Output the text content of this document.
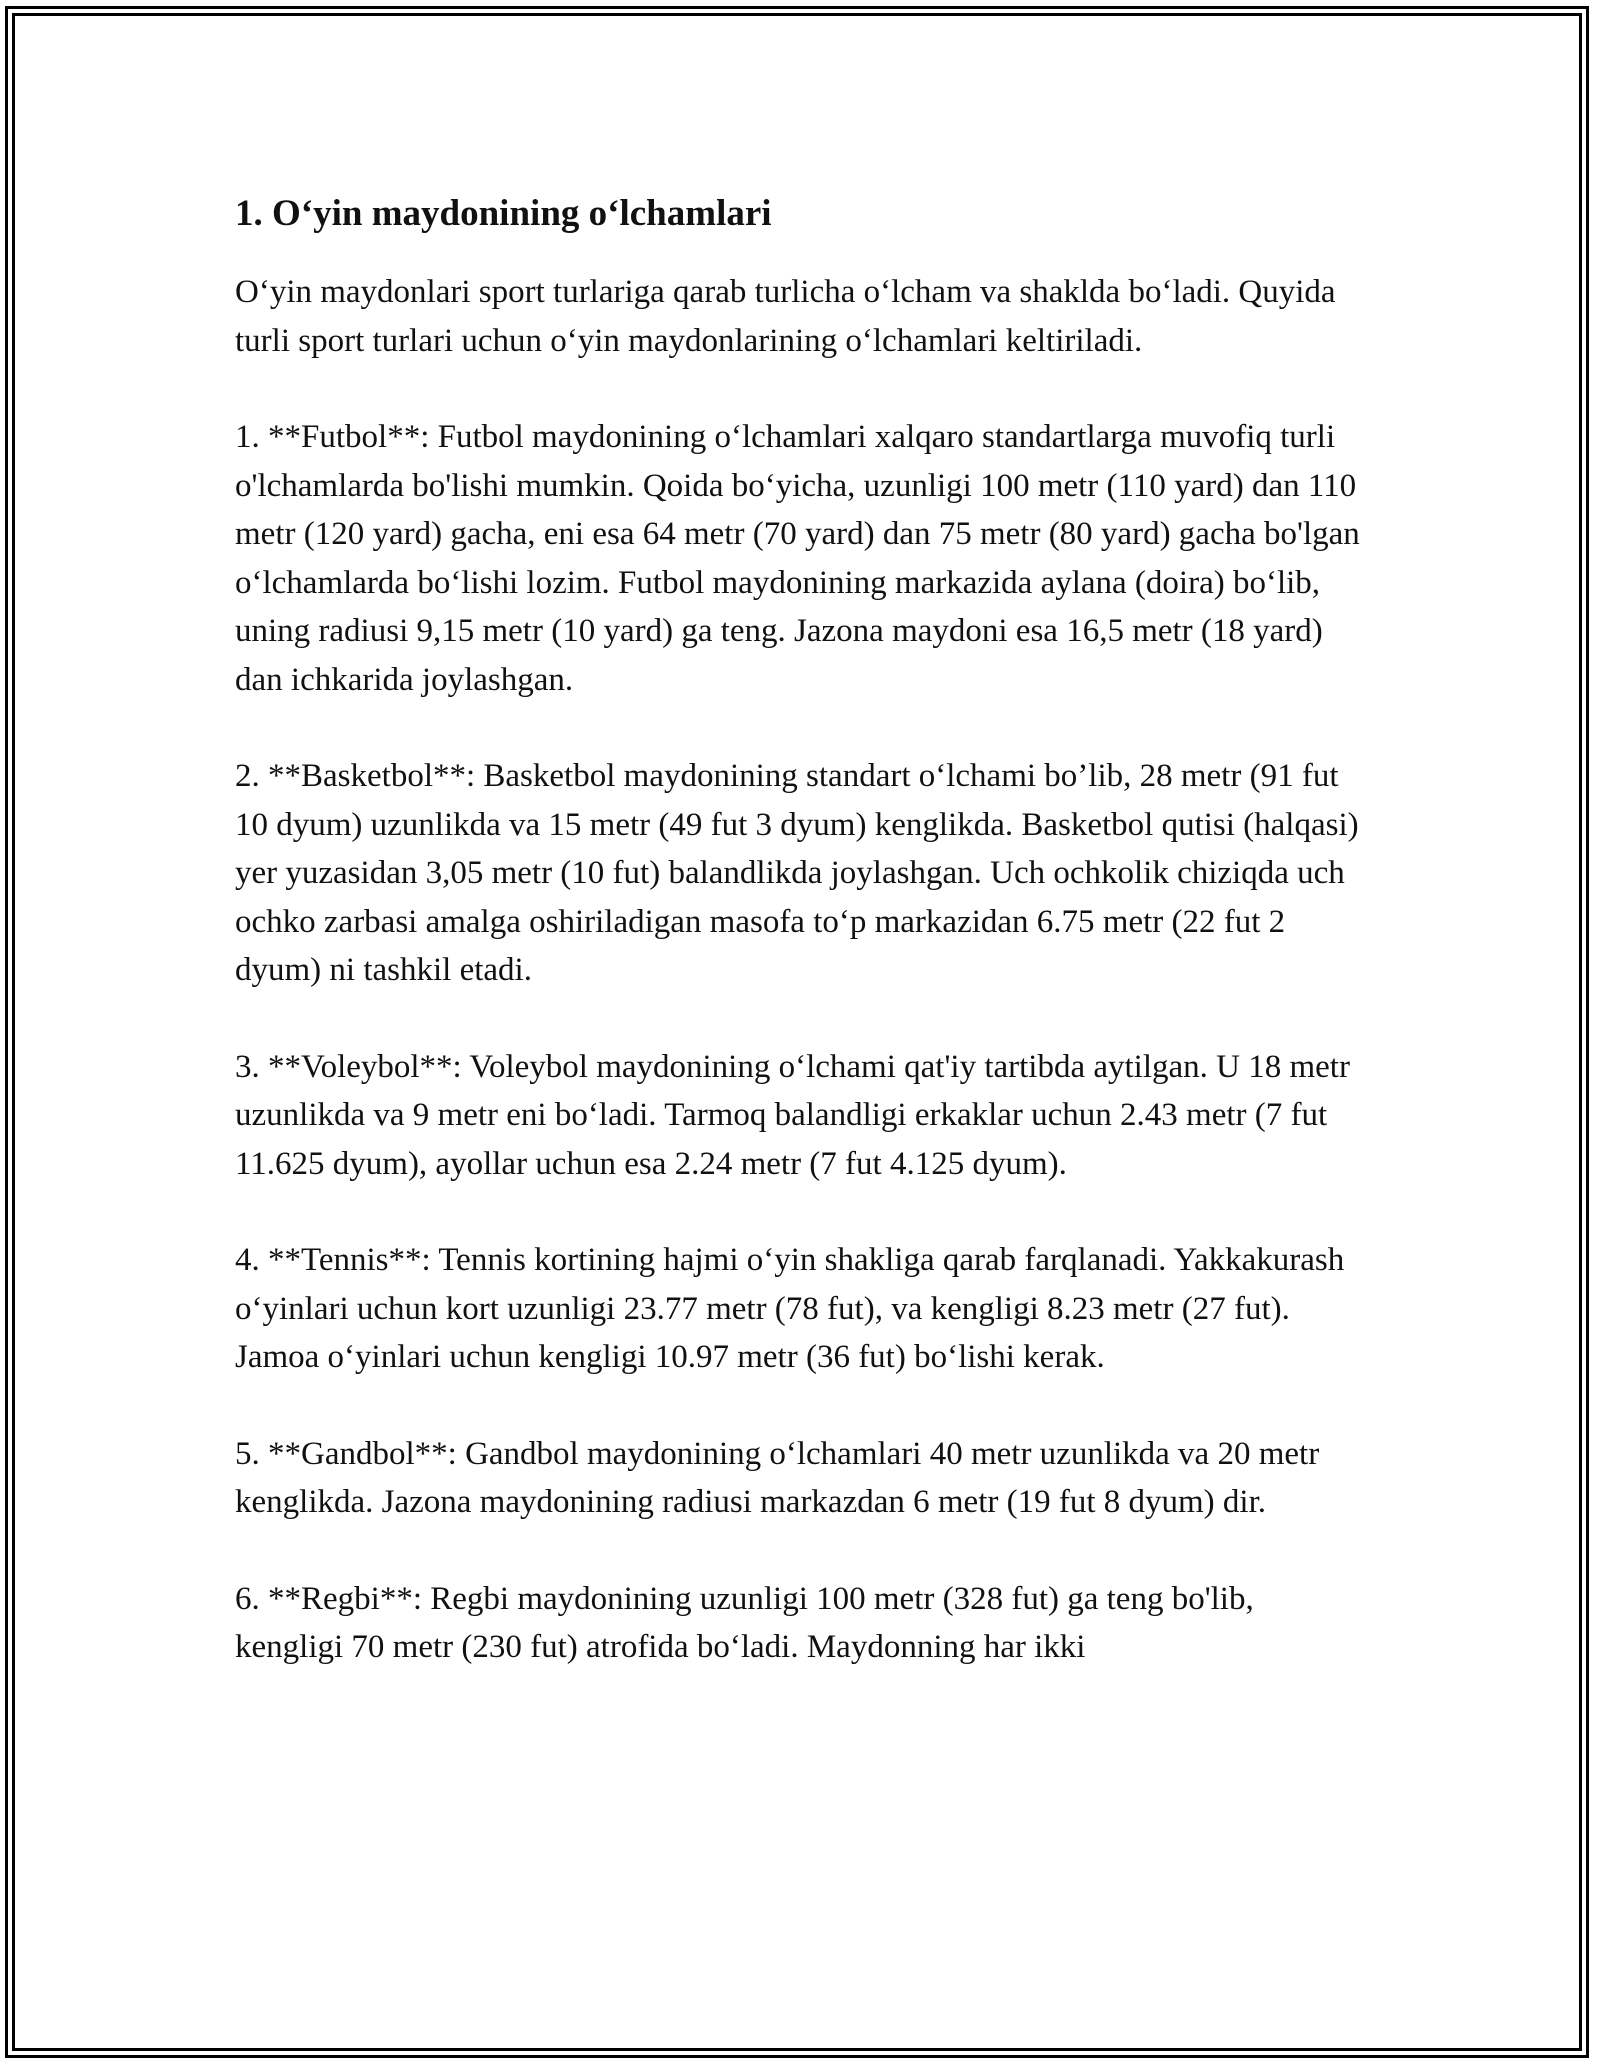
1. O‘yin maydonining o‘lchamlari

O‘yin maydonlari sport turlariga qarab turlicha o‘lcham va shaklda bo‘ladi. Quyida turli sport turlari uchun o‘yin maydonlarining o‘lchamlari keltiriladi.

1. **Futbol**: Futbol maydonining o‘lchamlari xalqaro standartlarga muvofiq turli o'lchamlarda bo'lishi mumkin. Qoida bo‘yicha, uzunligi 100 metr (110 yard) dan 110 metr (120 yard) gacha, eni esa 64 metr (70 yard) dan 75 metr (80 yard) gacha bo'lgan o‘lchamlarda bo‘lishi lozim. Futbol maydonining markazida aylana (doira) bo‘lib, uning radiusi 9,15 metr (10 yard) ga teng. Jazona maydoni esa 16,5 metr (18 yard) dan ichkarida joylashgan.

2. **Basketbol**: Basketbol maydonining standart o‘lchami bo’lib, 28 metr (91 fut 10 dyum) uzunlikda va 15 metr (49 fut 3 dyum) kenglikda. Basketbol qutisi (halqasi) yer yuzasidan 3,05 metr (10 fut) balandlikda joylashgan. Uch ochkolik chiziqda uch ochko zarbasi amalga oshiriladigan masofa to‘p markazidan 6.75 metr (22 fut 2 dyum) ni tashkil etadi.

3. **Voleybol**: Voleybol maydonining o‘lchami qat'iy tartibda aytilgan. U 18 metr uzunlikda va 9 metr eni bo‘ladi. Tarmoq balandligi erkaklar uchun 2.43 metr (7 fut 11.625 dyum), ayollar uchun esa 2.24 metr (7 fut 4.125 dyum).

4. **Tennis**: Tennis kortining hajmi o‘yin shakliga qarab farqlanadi. Yakkakurash o‘yinlari uchun kort uzunligi 23.77 metr (78 fut), va kengligi 8.23 metr (27 fut). Jamoa o‘yinlari uchun kengligi 10.97 metr (36 fut) bo‘lishi kerak.

5. **Gandbol**: Gandbol maydonining o‘lchamlari 40 metr uzunlikda va 20 metr kenglikda. Jazona maydonining radiusi markazdan 6 metr (19 fut 8 dyum) dir.

6. **Regbi**: Regbi maydonining uzunligi 100 metr (328 fut) ga teng bo'lib, kengligi 70 metr (230 fut) atrofida bo‘ladi. Maydonning har ikki
